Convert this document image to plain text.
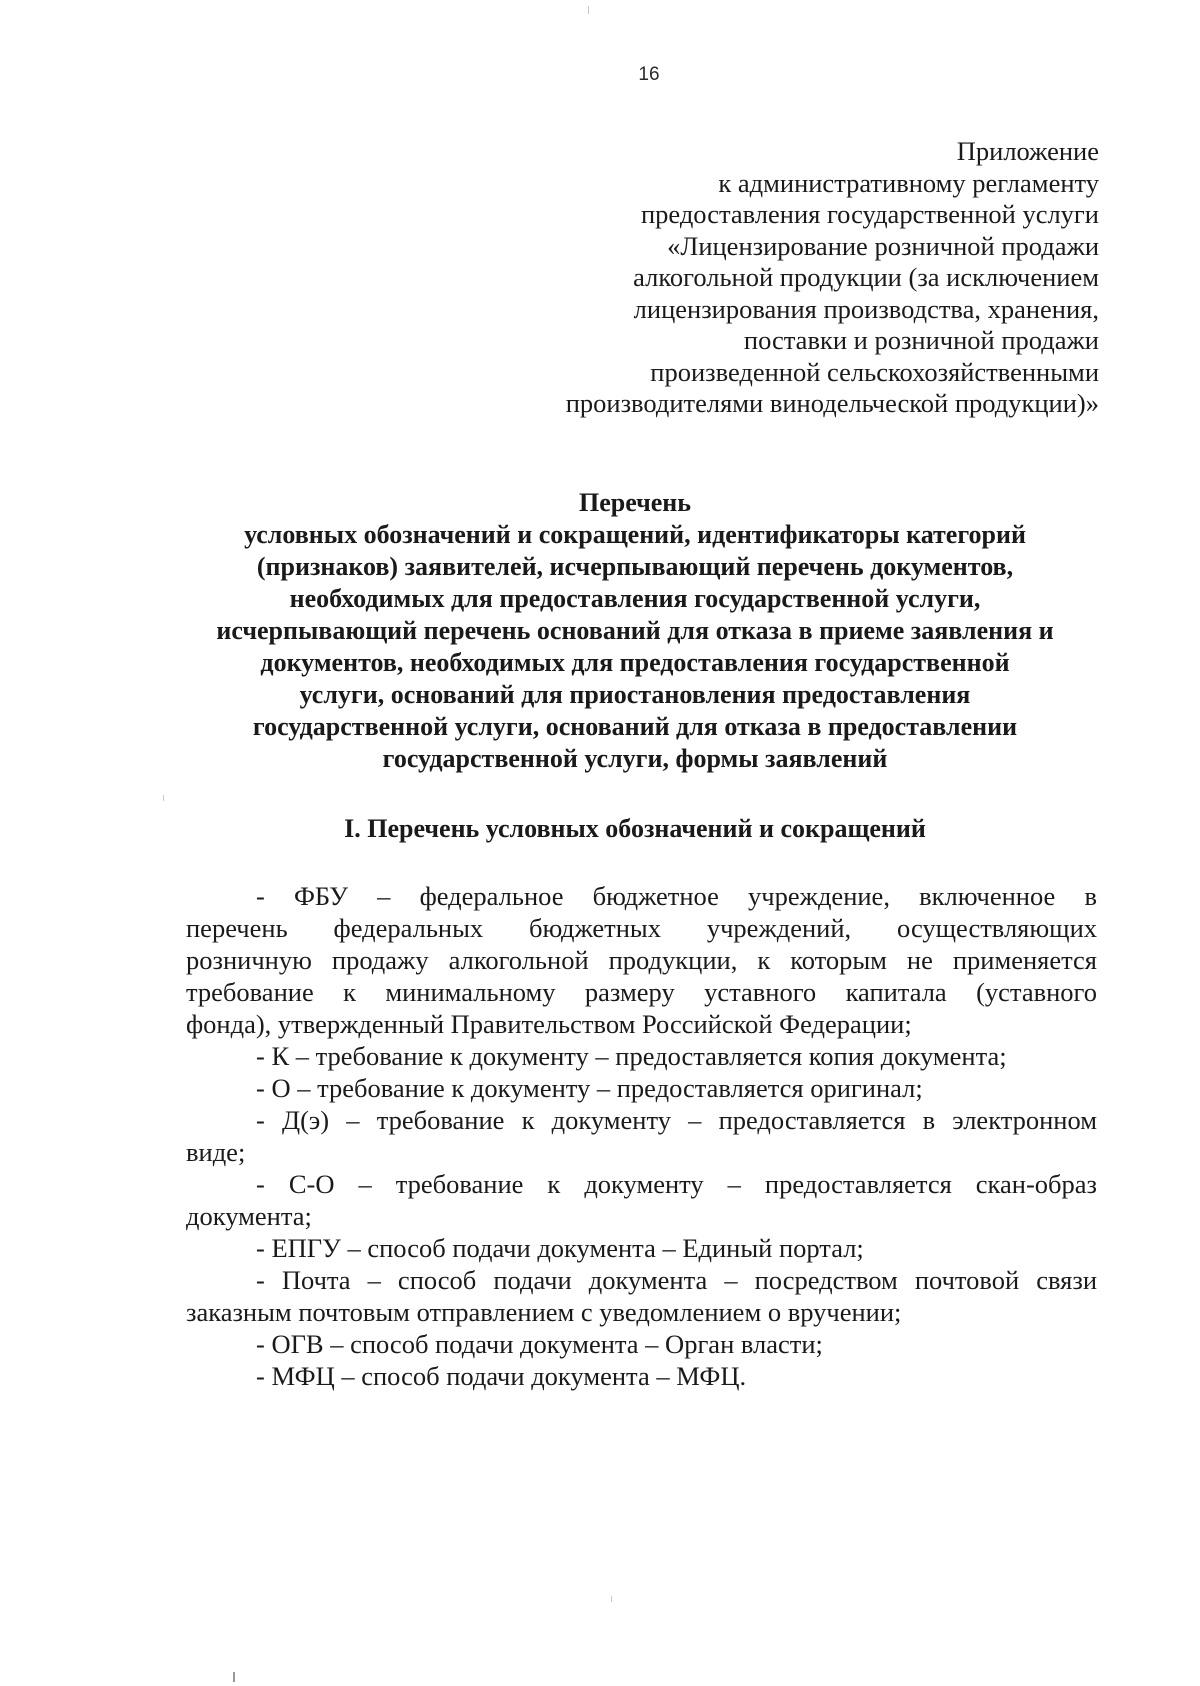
16
Приложение
к административному регламенту
предоставления государственной услуги
«Лицензирование розничной продажи
алкогольной продукции (за исключением
лицензирования производства, хранения,
поставки и розничной продажи
произведенной сельскохозяйственными
производителями винодельческой продукции)»
Перечень
условных обозначений и сокращений, идентификаторы категорий
(признаков) заявителей, исчерпывающий перечень документов,
необходимых для предоставления государственной услуги,
исчерпывающий перечень оснований для отказа в приеме заявления и
документов, необходимых для предоставления государственной
услуги, оснований для приостановления предоставления
государственной услуги, оснований для отказа в предоставлении
государственной услуги, формы заявлений
I. Перечень условных обозначений и сокращений

- ФБУ – федеральное бюджетное учреждение, включенное в
перечень федеральных бюджетных учреждений, осуществляющих
розничную продажу алкогольной продукции, к которым не применяется
требование к минимальному размеру уставного капитала (уставного
фонда), утвержденный Правительством Российской Федерации;

- К – требование к документу – предоставляется копия документа;

- О – требование к документу – предоставляется оригинал;

- Д(э) – требование к документу – предоставляется в электронном
виде;

- С-О – требование к документу – предоставляется скан-образ
документа;

- ЕПГУ – способ подачи документа – Единый портал;

- Почта – способ подачи документа – посредством почтовой связи
заказным почтовым отправлением с уведомлением о вручении;

- ОГВ – способ подачи документа – Орган власти;

- МФЦ – способ подачи документа – МФЦ.
